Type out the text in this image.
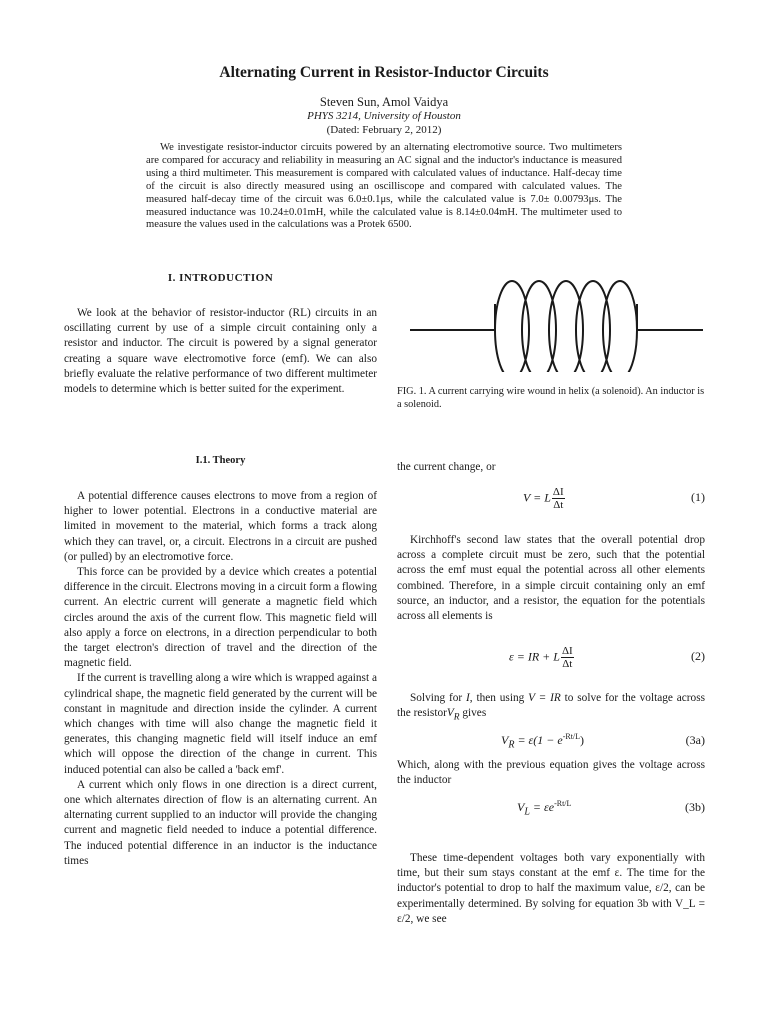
Alternating Current in Resistor-Inductor Circuits
Steven Sun, Amol Vaidya
PHYS 3214, University of Houston
(Dated: February 2, 2012)

We investigate resistor-inductor circuits powered by an alternating electromotive source. Two multimeters are compared for accuracy and reliability in measuring an AC signal and the inductor's inductance is measured using a third multimeter. This measurement is compared with calculated values of inductance. Half-decay time of the circuit is also directly measured using an oscilliscope and compared with calculated values. The measured half-decay time of the circuit was 6.0±0.1μs, while the calculated value is 7.0± 0.00793μs. The measured inductance was 10.24±0.01mH, while the calculated value is 8.14±0.04mH. The multimeter used to measure the values used in the calculations was a Protek 6500.

I. INTRODUCTION

We look at the behavior of resistor-inductor (RL) circuits in an oscillating current by use of a simple circuit containing only a resistor and inductor. The circuit is powered by a signal generator creating a square wave electromotive force (emf). We can also briefly evaluate the relative performance of two different multimeter models to determine which is better suited for the experiment.

I.1. Theory

A potential difference causes electrons to move from a region of higher to lower potential. Electrons in a conductive material are limited in movement to the material, which forms a track along which they can travel, or, a circuit. Electrons in a circuit are pushed (or pulled) by an electromotive force.

This force can be provided by a device which creates a potential difference in the circuit. Electrons moving in a circuit form a flowing current. An electric current will generate a magnetic field which circles around the axis of the current flow. This magnetic field will also apply a force on electrons, in a direction perpendicular to both the target electron's direction of travel and the direction of the magnetic field.

If the current is travelling along a wire which is wrapped against a cylindrical shape, the magnetic field generated by the current will be constant in magnitude and direction inside the cylinder. A current which changes with time will also change the magnetic field it generates, this changing magnetic field will itself induce an emf which will oppose the direction of the change in current. This induced potential can also be called a 'back emf'.

A current which only flows in one direction is a direct current, one which alternates direction of flow is an alternating current. An alternating current supplied to an inductor will provide the changing current and magnetic field needed to induce a potential difference. The induced potential difference in an inductor is the inductance times

FIG. 1. A current carrying wire wound in helix (a solenoid). An inductor is a solenoid.

the current change, or

V = L $\frac{\Delta I}{\Delta t}$	(1)

Kirchhoff's second law states that the overall potential drop across a complete circuit must be zero, such that the potential across the emf must equal the potential across all other elements combined. Therefore, in a simple circuit containing only an emf source, an inductor, and a resistor, the equation for the potentials across all elements is

ε = IR + L $\frac{\Delta I}{\Delta t}$	(2)

Solving for I, then using V = IR to solve for the voltage across the resistorV$_R$ gives

$V_R = \varepsilon(1 - e^{-Rt/L})$	(3a)

Which, along with the previous equation gives the voltage across the inductor

$V_L = \varepsilon e^{-Rt/L}$	(3b)

These time-dependent voltages both vary exponentially with time, but their sum stays constant at the emf ε. The time for the inductor's potential to drop to half the maximum value, ε/2, can be experimentally determined. By solving for equation 3b with V_L = ε/2, we see
